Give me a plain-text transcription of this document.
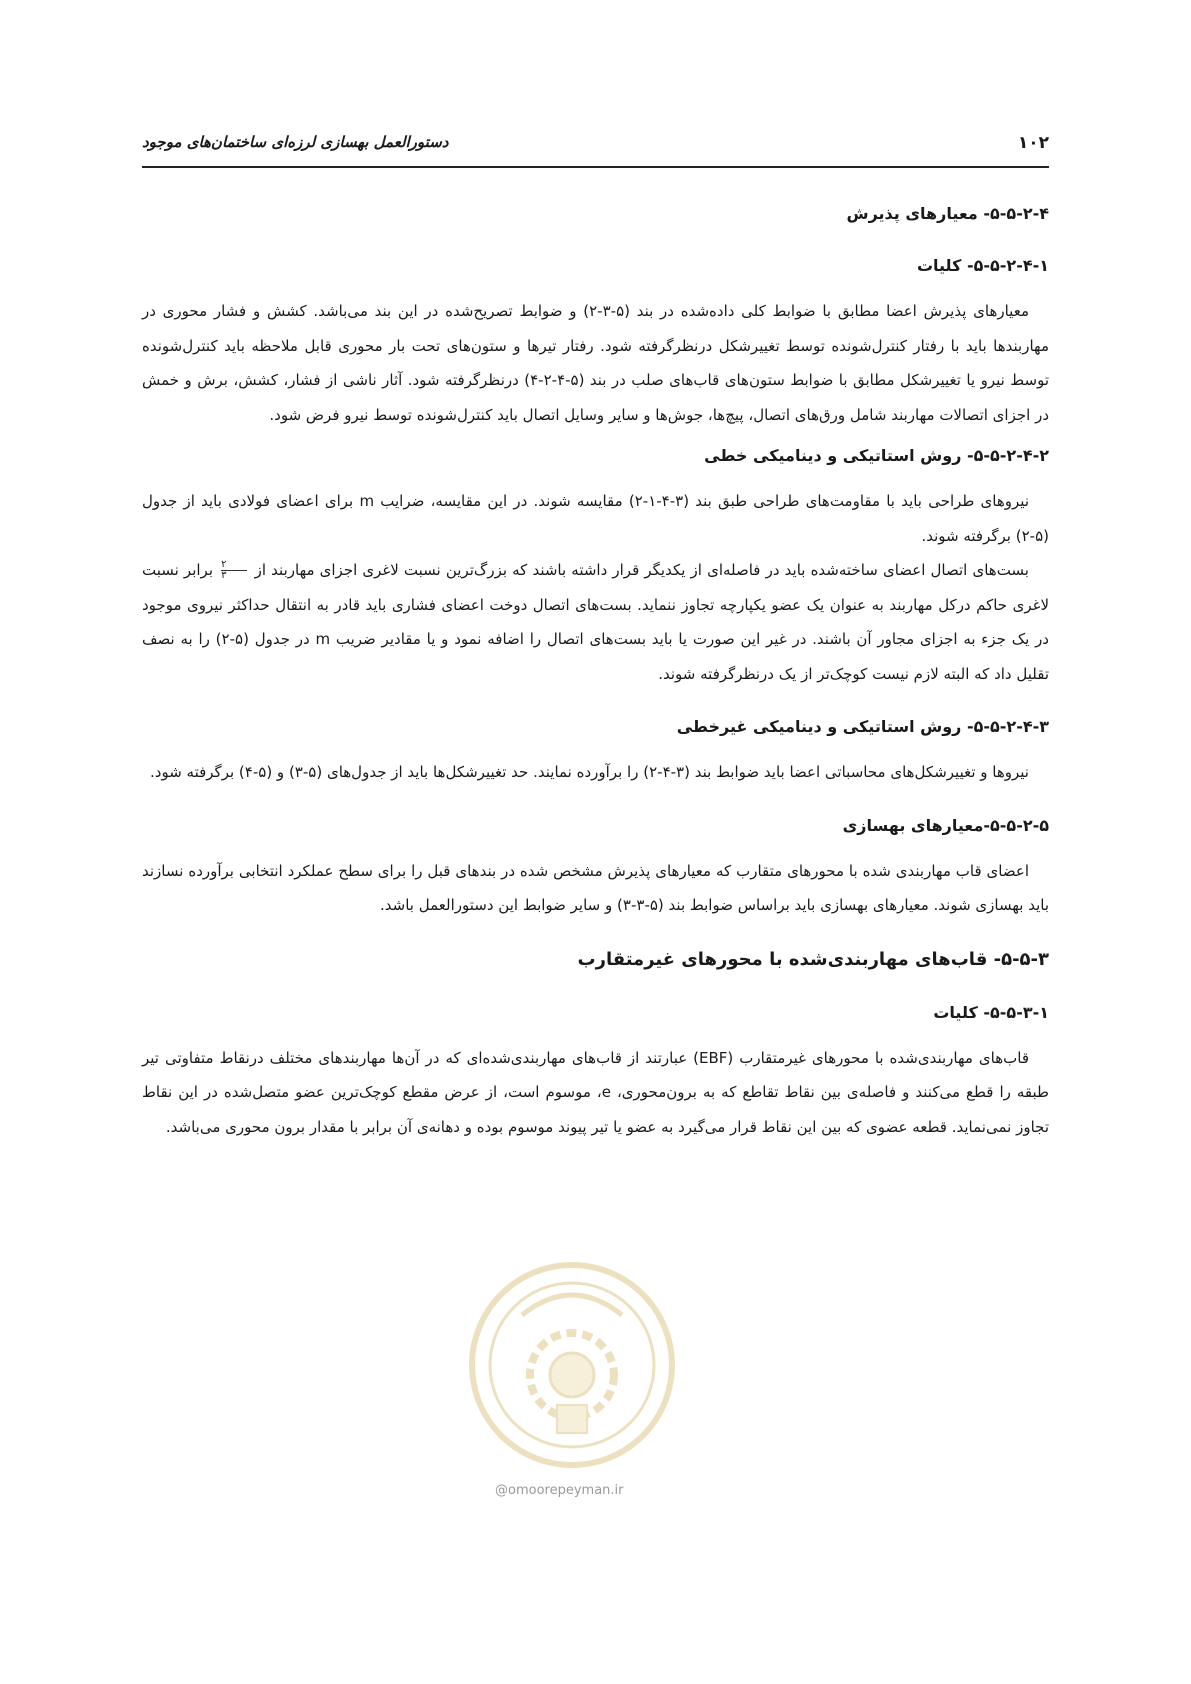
۱۰۲
دستورالعمل بهسازی لرزه‌ای ساختمان‌های موجود
۵-۵-۲-۴- معیارهای پذیرش
۵-۵-۲-۴-۱- کلیات

معیارهای پذیرش اعضا مطابق با ضوابط کلی داده‌شده در بند (۵-۳-۲) و ضوابط تصریح‌شده در این بند می‌باشد. کشش و فشار محوری در مهاربندها باید با رفتار کنترل‌شونده توسط تغییرشکل درنظرگرفته شود. رفتار تیرها و ستون‌های تحت بار محوری قابل ملاحظه باید کنترل‌شونده توسط نیرو یا تغییرشکل مطابق با ضوابط ستون‌های قاب‌های صلب در بند (۵-۴-۲-۴) درنظرگرفته شود. آثار ناشی از فشار، کشش، برش و خمش در اجزای اتصالات مهاربند شامل ورق‌های اتصال، پیچ‌ها، جوش‌ها و سایر وسایل اتصال باید کنترل‌شونده توسط نیرو فرض شود.

۵-۵-۲-۴-۲- روش استاتیکی و دینامیکی خطی

نیروهای طراحی باید با مقاومت‌های طراحی طبق بند (۳-۴-۱-۲) مقایسه شوند. در این مقایسه، ضرایب m برای اعضای فولادی باید از جدول (۵-۲) برگرفته شوند.

بست‌های اتصال اعضای ساخته‌شده باید در فاصله‌ای از یکدیگر قرار داشته باشند که بزرگ‌ترین نسبت لاغری اجزای مهاربند از
$\frac{۲}{۳}$
برابر نسبت لاغری حاکم درکل مهاربند به عنوان یک عضو یکپارچه تجاوز ننماید. بست‌های اتصال دوخت اعضای فشاری باید قادر به انتقال حداکثر نیروی موجود در یک جزء به اجزای مجاور آن باشند. در غیر این صورت یا باید بست‌های اتصال را اضافه نمود و یا مقادیر ضریب m در جدول (۵-۲) را به نصف تقلیل داد که البته لازم نیست کوچک‌تر از یک درنظرگرفته شوند.

۵-۵-۲-۴-۳- روش استاتیکی و دینامیکی غیرخطی

نیروها و تغییرشکل‌های محاسباتی اعضا باید ضوابط بند (۳-۴-۲) را برآورده نمایند. حد تغییرشکل‌ها باید از جدول‌های (۵-۳) و (۵-۴) برگرفته شود.

۵-۵-۲-۵-معیارهای بهسازی

اعضای قاب مهاربندی شده با محورهای متقارب که معیارهای پذیرش مشخص شده در بندهای قبل را برای سطح عملکرد انتخابی برآورده نسازند باید بهسازی شوند. معیارهای بهسازی باید براساس ضوابط بند (۵-۳-۳) و سایر ضوابط این دستورالعمل باشد.

۵-۵-۳- قاب‌های مهاربندی‌شده با محورهای غیرمتقارب
۵-۵-۳-۱- کلیات

قاب‌های مهاربندی‌شده با محورهای غیرمتقارب (EBF) عبارتند از قاب‌های مهاربندی‌شده‌ای که در آن‌ها مهاربندهای مختلف درنقاط متفاوتی تیر طبقه را قطع می‌کنند و فاصله‌ی بین نقاط تقاطع که به برون‌محوری، e، موسوم است، از عرض مقطع کوچک‌ترین عضو متصل‌شده در این نقاط تجاوز نمی‌نماید. قطعه عضوی که بین این نقاط قرار می‌گیرد به عضو یا تیر پیوند موسوم بوده و دهانه‌ی آن برابر با مقدار برون محوری می‌باشد.

@omoorepeyman.ir
